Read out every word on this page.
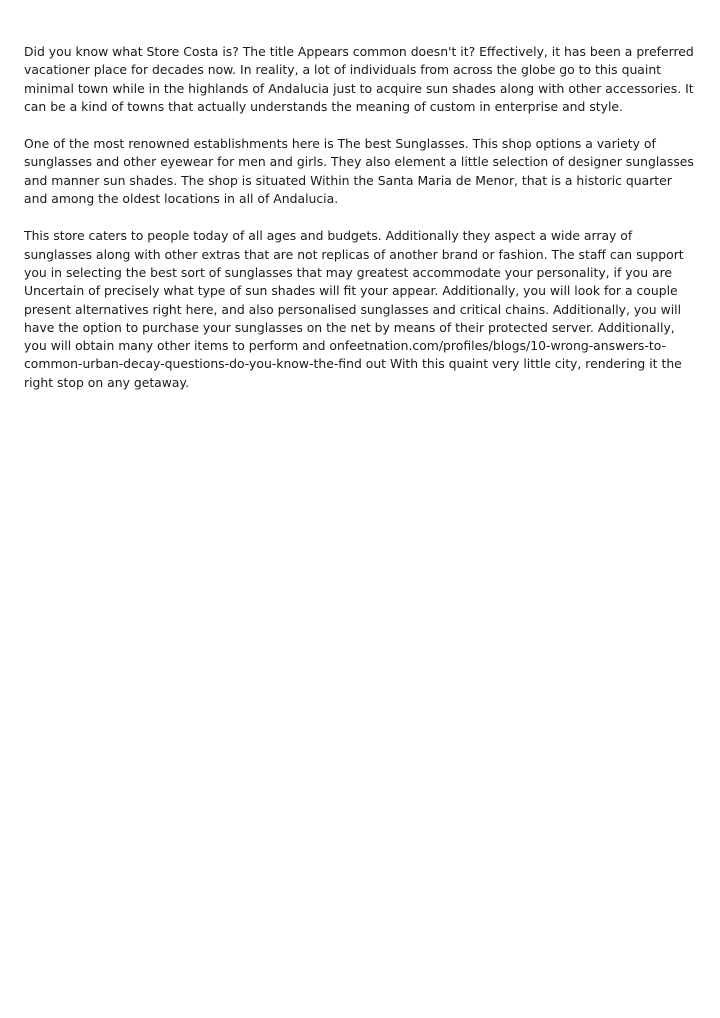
Did you know what Store Costa is? The title Appears common doesn't it? Effectively, it has been a preferred vacationer place for decades now. In reality, a lot of individuals from across the globe go to this quaint minimal town while in the highlands of Andalucia just to acquire sun shades along with other accessories. It can be a kind of towns that actually understands the meaning of custom in enterprise and style.

One of the most renowned establishments here is The best Sunglasses. This shop options a variety of sunglasses and other eyewear for men and girls. They also element a little selection of designer sunglasses and manner sun shades. The shop is situated Within the Santa Maria de Menor, that is a historic quarter and among the oldest locations in all of Andalucia.

This store caters to people today of all ages and budgets. Additionally they aspect a wide array of sunglasses along with other extras that are not replicas of another brand or fashion. The staff can support you in selecting the best sort of sunglasses that may greatest accommodate your personality, if you are Uncertain of precisely what type of sun shades will fit your appear. Additionally, you will look for a couple present alternatives right here, and also personalised sunglasses and critical chains. Additionally, you will have the option to purchase your sunglasses on the net by means of their protected server. Additionally, you will obtain many other items to perform and onfeetnation.com/profiles/blogs/10-wrong-answers-to-common-urban-decay-questions-do-you-know-the-find out With this quaint very little city, rendering it the right stop on any getaway.
